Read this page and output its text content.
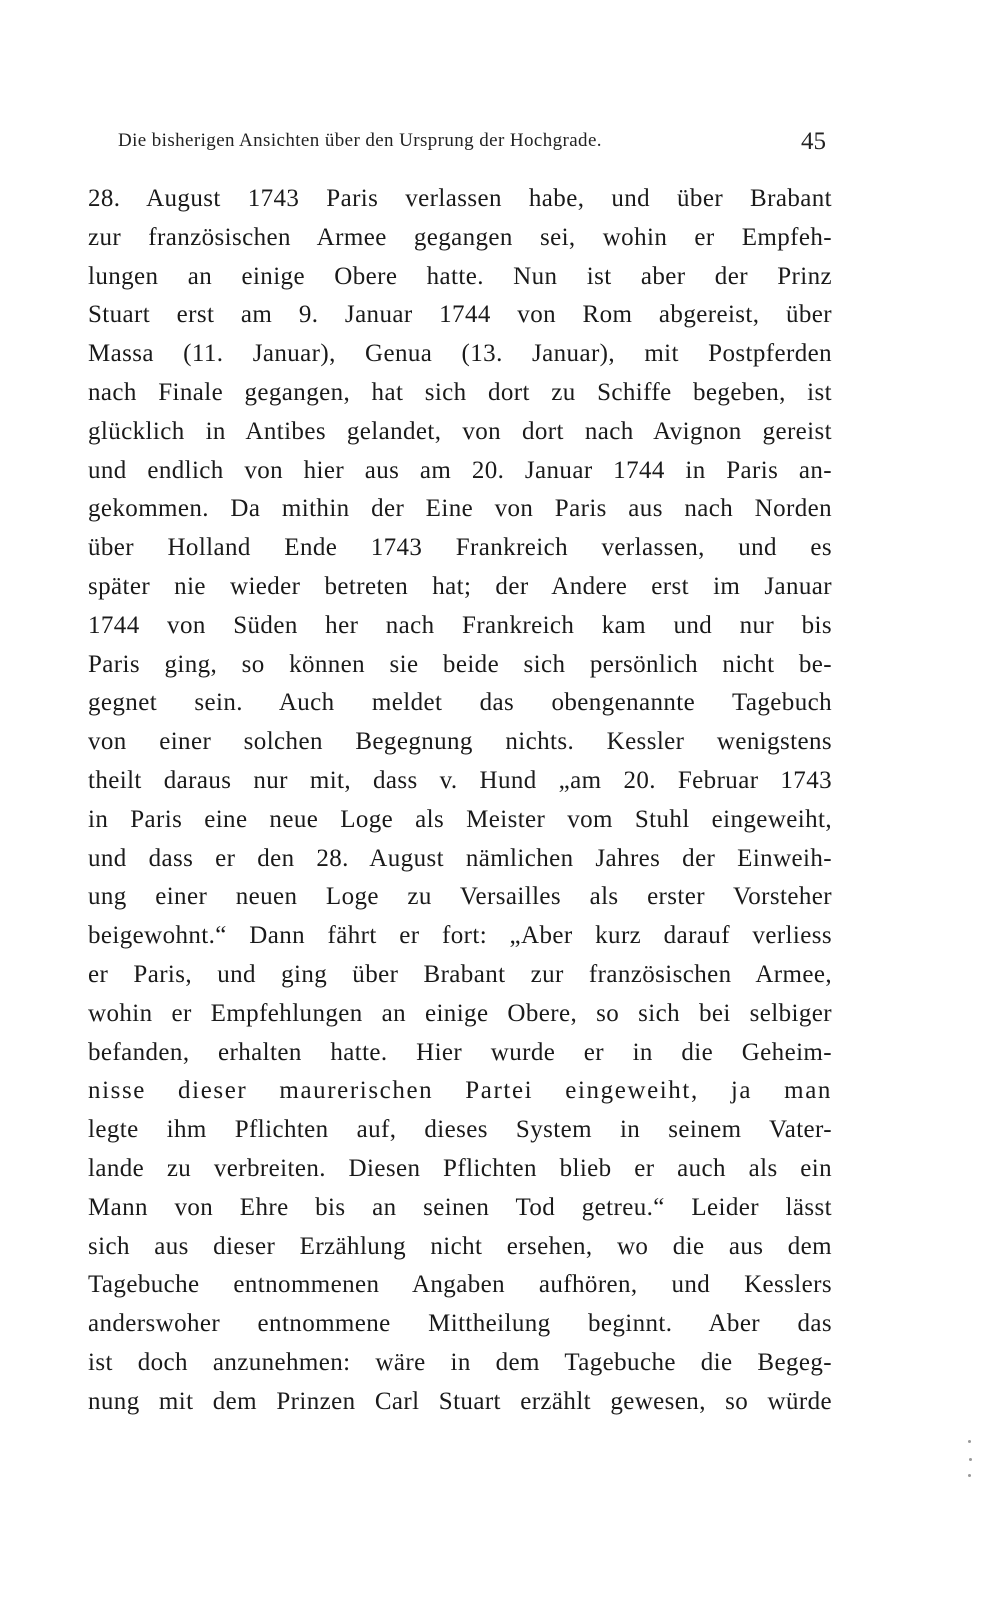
Die bisherigen Ansichten über den Ursprung der Hochgrade.	45
28. August 1743 Paris verlassen habe, und über Brabant
zur französischen Armee gegangen sei, wohin er Empfeh-
lungen an einige Obere hatte. Nun ist aber der Prinz
Stuart erst am 9. Januar 1744 von Rom abgereist, über
Massa (11. Januar), Genua (13. Januar), mit Postpferden
nach Finale gegangen, hat sich dort zu Schiffe begeben, ist
glücklich in Antibes gelandet, von dort nach Avignon gereist
und endlich von hier aus am 20. Januar 1744 in Paris an-
gekommen. Da mithin der Eine von Paris aus nach Norden
über Holland Ende 1743 Frankreich verlassen, und es
später nie wieder betreten hat; der Andere erst im Januar
1744 von Süden her nach Frankreich kam und nur bis
Paris ging, so können sie beide sich persönlich nicht be-
gegnet sein. Auch meldet das obengenannte Tagebuch
von einer solchen Begegnung nichts. Kessler wenigstens
theilt daraus nur mit, dass v. Hund „am 20. Februar 1743
in Paris eine neue Loge als Meister vom Stuhl eingeweiht,
und dass er den 28. August nämlichen Jahres der Einweih-
ung einer neuen Loge zu Versailles als erster Vorsteher
beigewohnt.“ Dann fährt er fort: „Aber kurz darauf verliess
er Paris, und ging über Brabant zur französischen Armee,
wohin er Empfehlungen an einige Obere, so sich bei selbiger
befanden, erhalten hatte. Hier wurde er in die Geheim-
nisse dieser maurerischen Partei eingeweiht, ja man
legte ihm Pflichten auf, dieses System in seinem Vater-
lande zu verbreiten. Diesen Pflichten blieb er auch als ein
Mann von Ehre bis an seinen Tod getreu.“ Leider lässt
sich aus dieser Erzählung nicht ersehen, wo die aus dem
Tagebuche entnommenen Angaben aufhören, und Kesslers
anderswoher entnommene Mittheilung beginnt. Aber das
ist doch anzunehmen: wäre in dem Tagebuche die Begeg-
nung mit dem Prinzen Carl Stuart erzählt gewesen, so würde
